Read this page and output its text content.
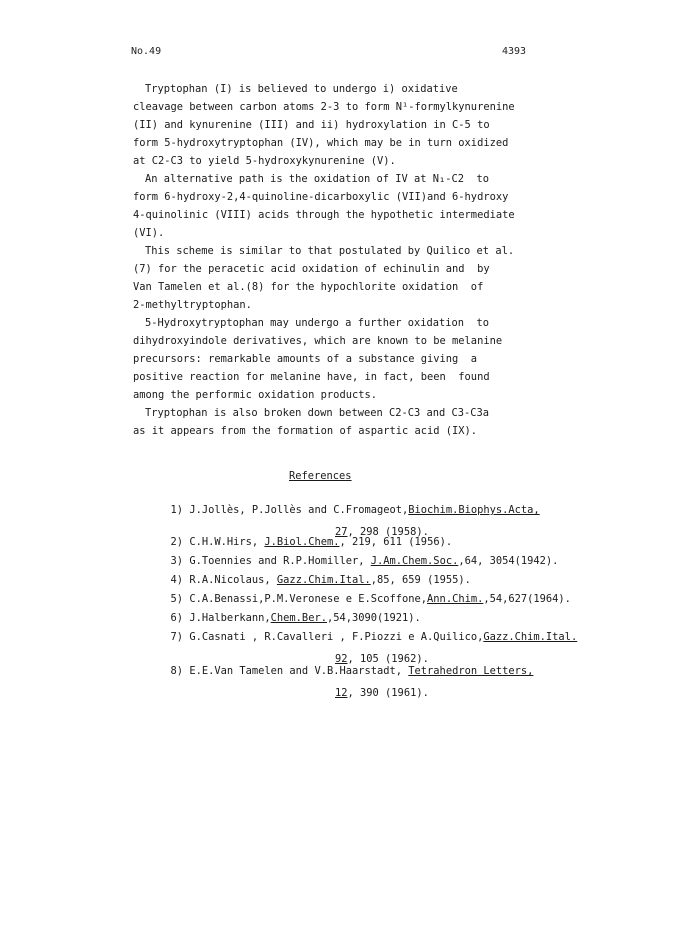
No.49	4393
Tryptophan (I) is believed to undergo i) oxidative
cleavage between carbon atoms 2-3 to form N¹-formylkynurenine
(II) and kynurenine (III) and ii) hydroxylation in C-5 to
form 5-hydroxytryptophan (IV), which may be in turn oxidized
at C2-C3 to yield 5-hydroxykynurenine (V).
An alternative path is the oxidation of IV at N₁-C2  to
form 6-hydroxy-2,4-quinoline-dicarboxylic (VII)and 6-hydroxy
4-quinolinic (VIII) acids through the hypothetic intermediate
(VI).
This scheme is similar to that postulated by Quilico et al.
(7) for the peracetic acid oxidation of echinulin and  by
Van Tamelen et al.(8) for the hypochlorite oxidation  of
2-methyltryptophan.
5-Hydroxytryptophan may undergo a further oxidation  to
dihydroxyindole derivatives, which are known to be melanine
precursors: remarkable amounts of a substance giving  a
positive reaction for melanine have, in fact, been  found
among the performic oxidation products.
Tryptophan is also broken down between C2-C3 and C3-C3a
as it appears from the formation of aspartic acid (IX).
References

1) J.Jollès, P.Jollès and C.Fromageot,Biochim.Biophys.Acta,

27, 298 (1958).

2) C.H.W.Hirs, J.Biol.Chem., 219, 611 (1956).

3) G.Toennies and R.P.Homiller, J.Am.Chem.Soc.,64, 3054(1942).

4) R.A.Nicolaus, Gazz.Chim.Ital.,85, 659 (1955).

5) C.A.Benassi,P.M.Veronese e E.Scoffone,Ann.Chim.,54,627(1964).

6) J.Halberkann,Chem.Ber.,54,3090(1921).

7) G.Casnati , R.Cavalleri , F.Piozzi e A.Quilico,Gazz.Chim.Ital.

92, 105 (1962).

8) E.E.Van Tamelen and V.B.Haarstadt, Tetrahedron Letters,

12, 390 (1961).
